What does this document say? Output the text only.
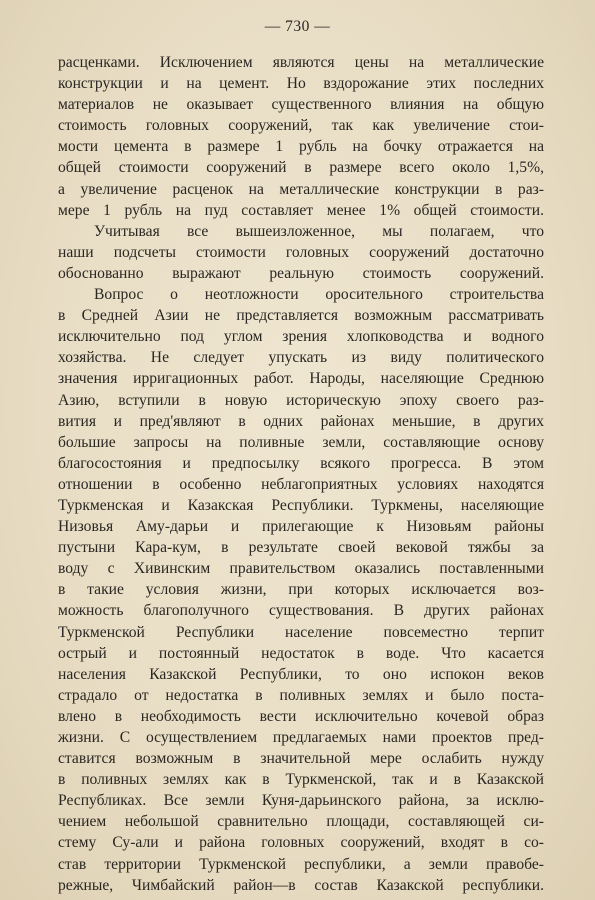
— 730 —
расценками. Исключением являются цены на металлические
конструкции и на цемент. Но вздорожание этих последних
материалов не оказывает существенного влияния на общую
стоимость головных сооружений, так как увеличение стои-
мости цемента в размере 1 рубль на бочку отражается на
общей стоимости сооружений в размере всего около 1,5%,
а увеличение расценок на металлические конструкции в раз-
мере 1 рубль на пуд составляет менее 1% общей стоимости.
Учитывая все вышеизложенное, мы полагаем, что
наши подсчеты стоимости головных сооружений достаточно
обоснованно выражают реальную стоимость сооружений.
Вопрос о неотложности оросительного строительства
в Средней Азии не представляется возможным рассматривать
исключительно под углом зрения хлопководства и водного
хозяйства. Не следует упускать из виду политического
значения ирригационных работ. Народы, населяющие Среднюю
Азию, вступили в новую историческую эпоху своего раз-
вития и пред'являют в одних районах меньшие, в других
большие запросы на поливные земли, составляющие основу
благосостояния и предпосылку всякого прогресса. В этом
отношении в особенно неблагоприятных условиях находятся
Туркменская и Казакская Республики. Туркмены, населяющие
Низовья Аму-дарьи и прилегающие к Низовьям районы
пустыни Кара-кум, в результате своей вековой тяжбы за
воду с Хивинским правительством оказались поставленными
в такие условия жизни, при которых исключается воз-
можность благополучного существования. В других районах
Туркменской Республики население повсеместно терпит
острый и постоянный недостаток в воде. Что касается
населения Казакской Республики, то оно испокон веков
страдало от недостатка в поливных землях и было поста-
влено в необходимость вести исключительно кочевой образ
жизни. С осуществлением предлагаемых нами проектов пред-
ставится возможным в значительной мере ослабить нужду
в поливных землях как в Туркменской, так и в Казакской
Республиках. Все земли Куня-дарьинского района, за исклю-
чением небольшой сравнительно площади, составляющей си-
стему Су-али и района головных сооружений, входят в со-
став территории Туркменской республики, а земли правобе-
режные, Чимбайский район—в состав Казакской республики.
